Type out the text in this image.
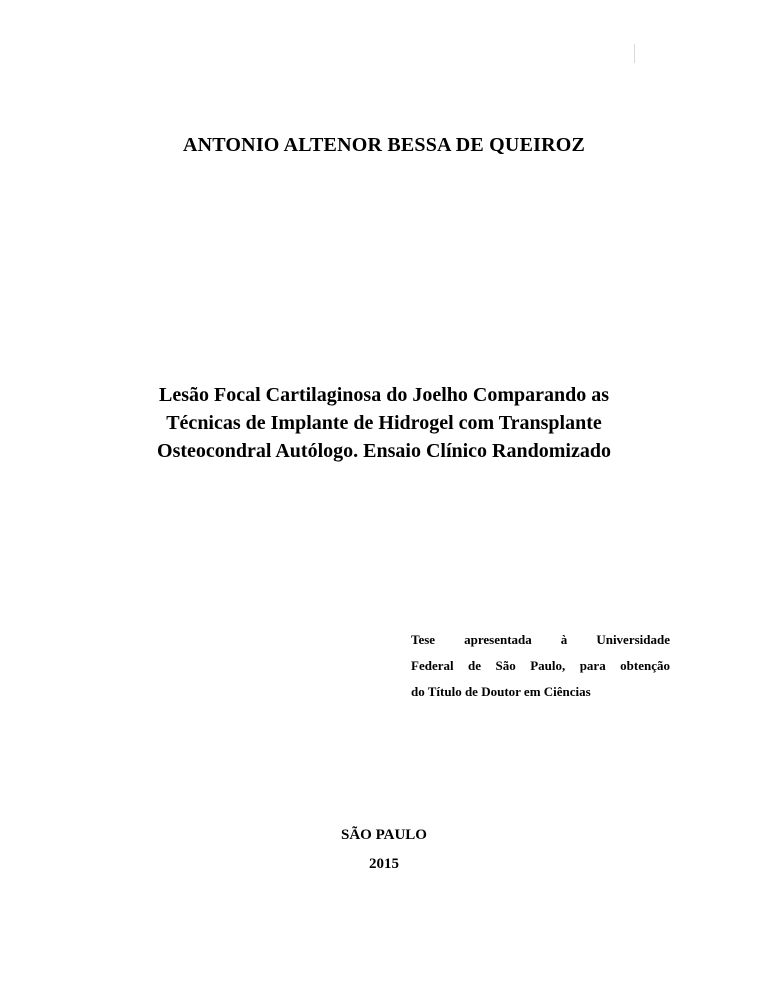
ANTONIO ALTENOR BESSA DE QUEIROZ
Lesão Focal Cartilaginosa do Joelho Comparando as
Técnicas de Implante de Hidrogel com Transplante
Osteocondral Autólogo. Ensaio Clínico Randomizado
Tese apresentada à Universidade
Federal de São Paulo, para obtenção
do Título de Doutor em Ciências
SÃO PAULO
2015
